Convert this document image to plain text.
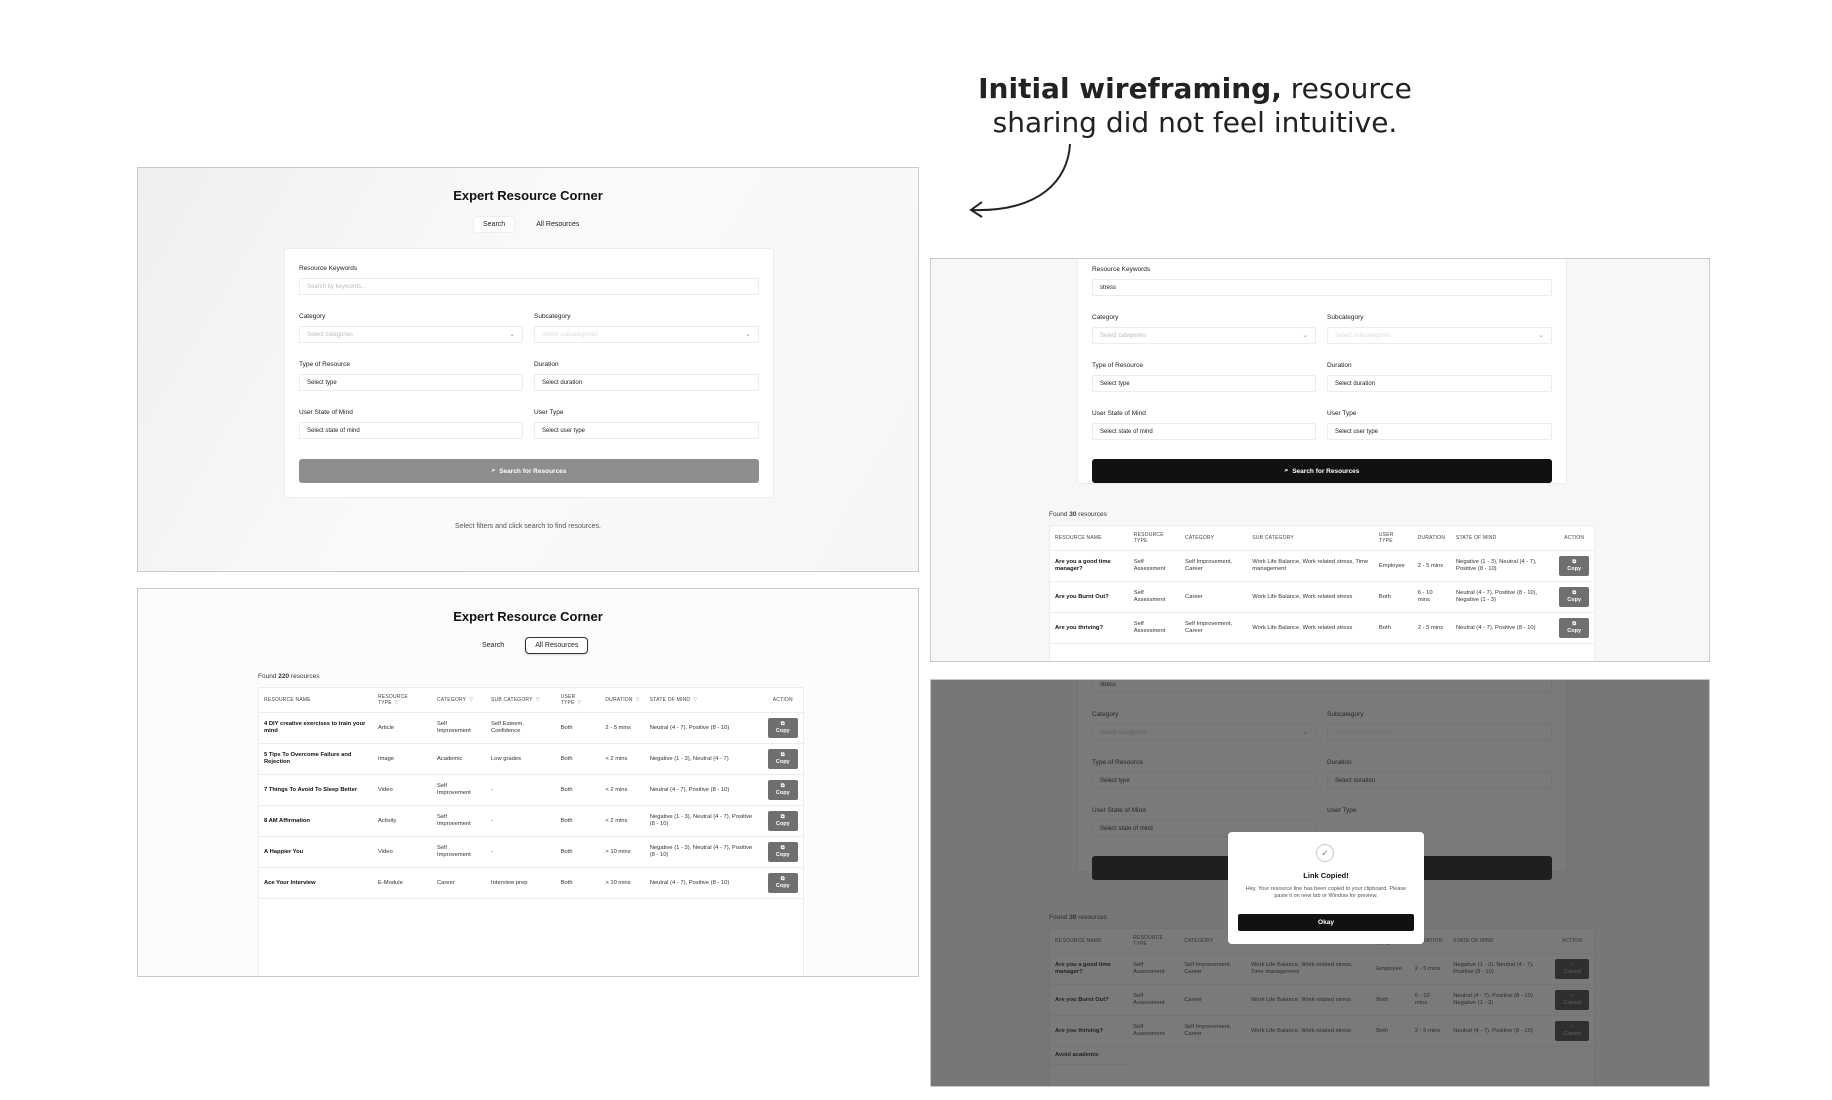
Initial wireframing, resource
sharing did not feel intuitive.
Expert Resource Corner
Search	All Resources
Resource Keywords
Search by keywords...
Category
Select categories	⌄
Subcategory
Select subcategories	⌄
Type of Resource
Select type
Duration
Select duration
User State of Mind
Select state of mind
User Type
Select user type
⌕ Search for Resources
Select filters and click search to find resources.
Expert Resource Corner
Search	All Resources
Found 220 resources
RESOURCE NAME	RESOURCE TYPE ▽	CATEGORY ▽	SUB CATEGORY ▽	USER TYPE ▽	DURATION ▽	STATE OF MIND ▽	ACTION
4 DIY creative exercises to train your mind	Article	Self Improvement	Self Esteem, Confidence	Both	2 - 5 mins	Neutral (4 - 7), Positive (8 - 10)	⧉ Copy
5 Tips To Overcome Failure and Rejection	Image	Academic	Low grades	Both	< 2 mins	Negative (1 - 3), Neutral (4 - 7)	⧉ Copy
7 Things To Avoid To Sleep Better	Video	Self Improvement	-	Both	< 2 mins	Neutral (4 - 7), Positive (8 - 10)	⧉ Copy
8 AM Affirmation	Activity	Self Improvement	-	Both	< 2 mins	Negative (1 - 3), Neutral (4 - 7), Positive (8 - 10)	⧉ Copy
A Happier You	Video	Self Improvement	-	Both	> 10 mins	Negative (1 - 3), Neutral (4 - 7), Positive (8 - 10)	⧉ Copy
Ace Your Interview	E-Module	Career	Interview prep	Both	> 10 mins	Neutral (4 - 7), Positive (8 - 10)	⧉ Copy
Resource Keywords
stress
Category
Select categories	⌄
Subcategory
Select subcategories	⌄
Type of Resource
Select type
Duration
Select duration
User State of Mind
Select state of mind
User Type
Select user type
⌕ Search for Resources
Found 30 resources
RESOURCE NAME	RESOURCE TYPE	CATEGORY	SUB CATEGORY	USER TYPE	DURATION	STATE OF MIND	ACTION
Are you a good time manager?	Self Assessment	Self Improvement, Career	Work Life Balance, Work related stress, Time management	Employee	2 - 5 mins	Negative (1 - 3), Neutral (4 - 7), Positive (8 - 10)	⧉ Copy
Are you Burnt Out?	Self Assessment	Career	Work Life Balance, Work related stress	Both	6 - 10 mins	Neutral (4 - 7), Positive (8 - 10), Negative (1 - 3)	⧉ Copy
Are you thriving?	Self Assessment	Self Improvement, Career	Work Life Balance, Work related stress	Both	2 - 5 mins	Neutral (4 - 7), Positive (8 - 10)	⧉ Copy

✓
Link Copied!
Hey, Your resource line has been copied to your clipboard. Please paste it on new tab or Window for preview.
Okay
